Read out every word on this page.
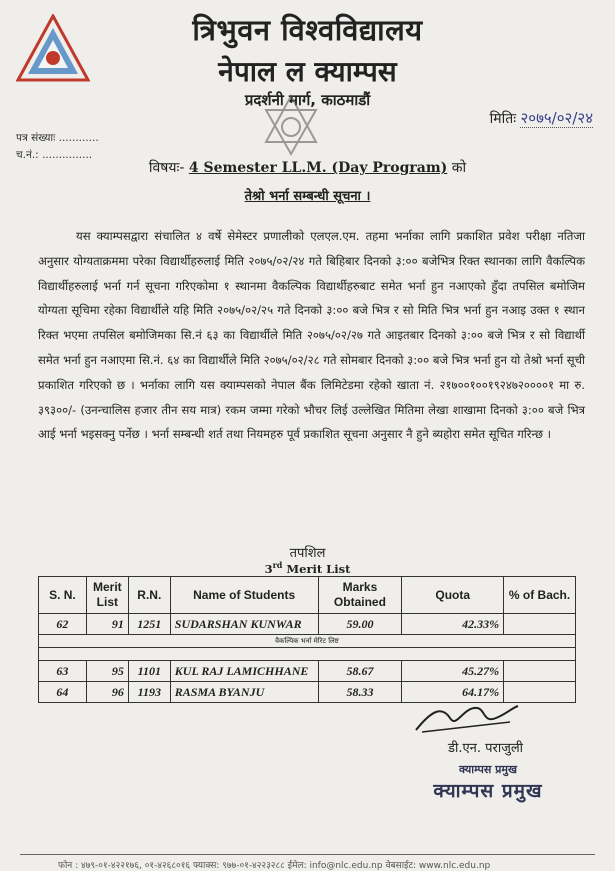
त्रिभुवन विश्वविद्यालय
नेपाल ल क्याम्पस
प्रदर्शनी मार्ग, काठमाडौं
मितिः २०७५/०२/२४
पत्र संख्याः ............
च.नं.: ...............
विषयः- 4 Semester LL.M. (Day Program) को
तेश्रो भर्ना सम्बन्धी सूचना ।
यस क्याम्पसद्वारा संचालित ४ वर्षे सेमेस्टर प्रणालीको एलएल.एम. तहमा भर्नाका लागि प्रकाशित प्रवेश परीक्षा नतिजा अनुसार योग्यताक्रममा परेका विद्यार्थीहरुलाई मिति २०७५/०२/२४ गते बिहिबार दिनको ३:०० बजेभित्र रिक्त स्थानका लागि वैकल्पिक विद्यार्थीहरुलाई भर्ना गर्न सूचना गरिएकोमा १ स्थानमा वैकल्पिक विद्यार्थीहरुबाट समेत भर्ना हुन नआएको हुँदा तपसिल बमोजिम योग्यता सूचिमा रहेका विद्यार्थीले यहि मिति २०७५/०२/२५ गते दिनको ३:०० बजे भित्र र सो मिति भित्र भर्ना हुन नआइ उक्त १ स्थान रिक्त भएमा तपसिल बमोजिमका सि.नं ६३ का विद्यार्थीले मिति २०७५/०२/२७ गते आइतबार दिनको ३:०० बजे भित्र र सो विद्यार्थी समेत भर्ना हुन नआएमा सि.नं. ६४ का विद्यार्थीले मिति २०७५/०२/२८ गते सोमबार दिनको ३:०० बजे भित्र भर्ना हुन यो तेश्रो भर्ना सूची प्रकाशित गरिएको छ । भर्नाका लागि यस क्याम्पसको नेपाल बैंक लिमिटेडमा रहेको खाता नं. २१७००१००१९२४७२००००१ मा रु. ३९३००/- (उनन्चालिस हजार तीन सय मात्र) रकम जम्मा गरेको भौचर लिई उल्लेखित मितिमा लेखा शाखामा दिनको ३:०० बजे भित्र आई भर्ना भइसक्नु पर्नेछ । भर्ना सम्बन्धी शर्त तथा नियमहरु पूर्व प्रकाशित सूचना अनुसार नै हुने ब्यहोरा समेत सूचित गरिन्छ ।
तपशिल
3rd Merit List
S. N.	Merit List	R.N.	Name of Students	Marks Obtained	Quota	% of Bach.
62	91	1251	SUDARSHAN KUNWAR	59.00	42.33%	
वैकल्पिक भर्ना मेरिट लिष्ट						

63	95	1101	KUL RAJ LAMICHHANE	58.67	45.27%	
64	96	1193	RASMA BYANJU	58.33	64.17%	
डी.एन. पराजुली
क्याम्पस प्रमुख
क्याम्पस प्रमुख
फोन : ४७९-०१-४२२१७६, ०१-४२६८०१६ फ्याक्स: ९७७-०१-४२२३२८८ ईमेल: info@nlc.edu.np वेबसाईट: www.nlc.edu.np
